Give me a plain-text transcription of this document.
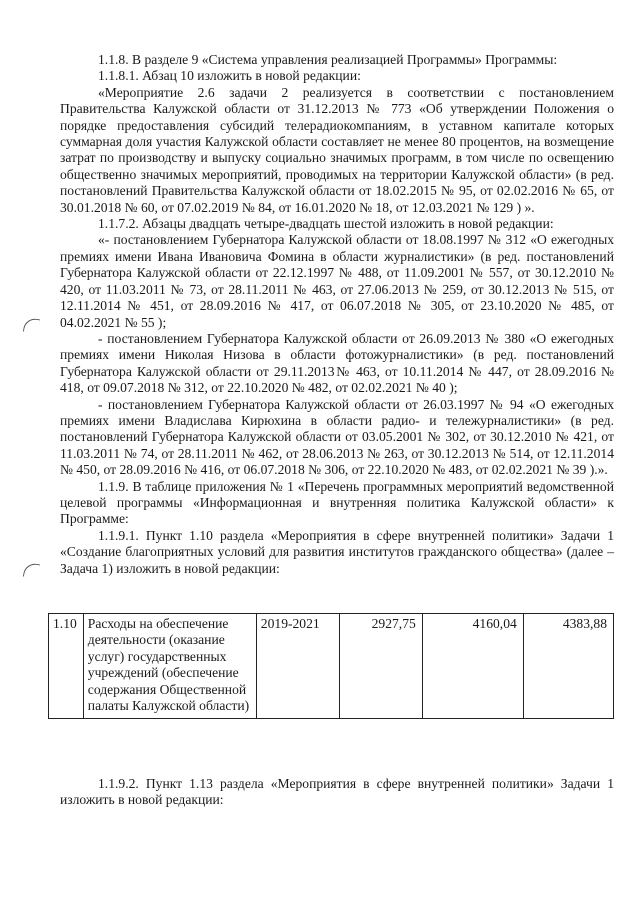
1.1.8. В разделе 9 «Система управления реализацией Программы» Программы:

1.1.8.1. Абзац 10 изложить в новой редакции:

«Мероприятие 2.6 задачи 2 реализуется в соответствии с постановлением Правительства Калужской области от 31.12.2013 № 773 «Об утверждении Положения о порядке предоставления субсидий телерадиокомпаниям, в уставном капитале которых суммарная доля участия Калужской области составляет не менее 80 процентов, на возмещение затрат по производству и выпуску социально значимых программ, в том числе по освещению общественно значимых мероприятий, проводимых на территории Калужской области» (в ред. постановлений Правительства Калужской области от 18.02.2015 № 95, от 02.02.2016 № 65, от 30.01.2018 № 60, от 07.02.2019 № 84, от 16.01.2020 № 18, от 12.03.2021 № 129 ) ».

1.1.7.2. Абзацы двадцать четыре-двадцать шестой изложить в новой редакции:

«- постановлением Губернатора Калужской области от 18.08.1997 № 312 «О ежегодных премиях имени Ивана Ивановича Фомина в области журналистики» (в ред. постановлений Губернатора Калужской области от 22.12.1997 № 488, от 11.09.2001 № 557, от 30.12.2010 № 420, от 11.03.2011 № 73, от 28.11.2011 № 463, от 27.06.2013 № 259, от 30.12.2013 № 515, от 12.11.2014 № 451, от 28.09.2016 № 417, от 06.07.2018 № 305, от 23.10.2020 № 485, от 04.02.2021 № 55 );

- постановлением Губернатора Калужской области от 26.09.2013 № 380 «О ежегодных премиях имени Николая Низова в области фотожурналистики» (в ред. постановлений Губернатора Калужской области от 29.11.2013№ 463, от 10.11.2014 № 447, от 28.09.2016 № 418, от 09.07.2018 № 312, от 22.10.2020 № 482, от 02.02.2021 № 40 );

- постановлением Губернатора Калужской области от 26.03.1997 № 94 «О ежегодных премиях имени Владислава Кирюхина в области радио- и тележурналистики» (в ред. постановлений Губернатора Калужской области от 03.05.2001 № 302, от 30.12.2010 № 421, от 11.03.2011 № 74, от 28.11.2011 № 462, от 28.06.2013 № 263, от 30.12.2013 № 514, от 12.11.2014 № 450, от 28.09.2016 № 416, от 06.07.2018 № 306, от 22.10.2020 № 483, от 02.02.2021 № 39 ).».

1.1.9. В таблице приложения № 1 «Перечень программных мероприятий ведомственной целевой программы «Информационная и внутренняя политика Калужской области» к Программе:

1.1.9.1. Пункт 1.10 раздела «Мероприятия в сфере внутренней политики» Задачи 1 «Создание благоприятных условий для развития институтов гражданского общества» (далее – Задача 1) изложить в новой редакции:

1.10	Расходы на обеспечение деятельности (оказание услуг) государственных учреждений (обеспечение содержания Общественной палаты Калужской области)	2019-2021	2927,75	4160,04	4383,88

1.1.9.2. Пункт 1.13 раздела «Мероприятия в сфере внутренней политики» Задачи 1 изложить в новой редакции:
